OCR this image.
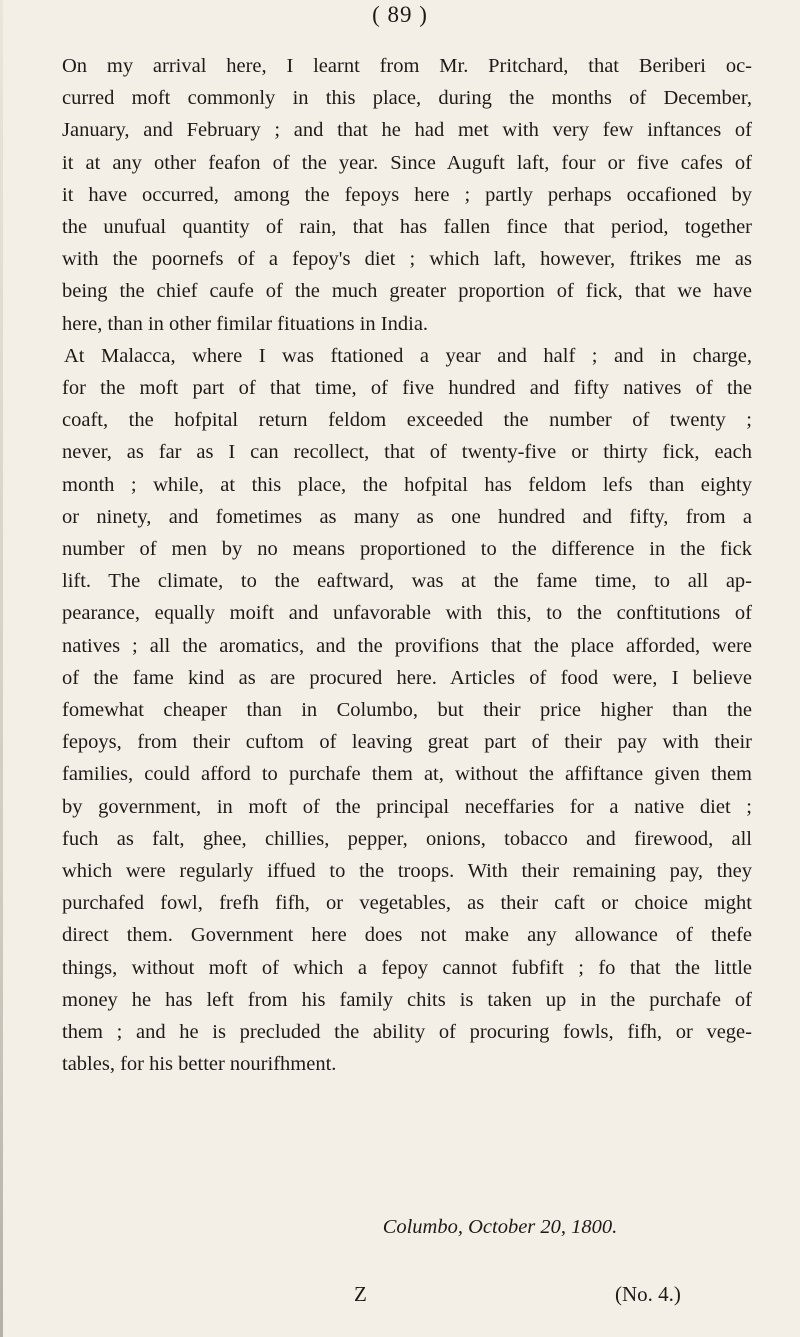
( 89 )
On my arrival here, I learnt from Mr. Pritchard, that Beriberi oc-
curred moft commonly in this place, during the months of December,
January, and February ; and that he had met with very few inftances of
it at any other feafon of the year. Since Auguft laft, four or five cafes of
it have occurred, among the fepoys here ; partly perhaps occafioned by
the unufual quantity of rain, that has fallen fince that period, together
with the poornefs of a fepoy's diet ; which laft, however, ftrikes me as
being the chief caufe of the much greater proportion of fick, that we have
here, than in other fimilar fituations in India.
At Malacca, where I was ftationed a year and half ; and in charge,
for the moft part of that time, of five hundred and fifty natives of the
coaft, the hofpital return feldom exceeded the number of twenty ;
never, as far as I can recollect, that of twenty-five or thirty fick, each
month ; while, at this place, the hofpital has feldom lefs than eighty
or ninety, and fometimes as many as one hundred and fifty, from a
number of men by no means proportioned to the difference in the fick
lift. The climate, to the eaftward, was at the fame time, to all ap-
pearance, equally moift and unfavorable with this, to the conftitutions of
natives ; all the aromatics, and the provifions that the place afforded, were
of the fame kind as are procured here. Articles of food were, I believe
fomewhat cheaper than in Columbo, but their price higher than the
fepoys, from their cuftom of leaving great part of their pay with their
families, could afford to purchafe them at, without the affiftance given them
by government, in moft of the principal neceffaries for a native diet ;
fuch as falt, ghee, chillies, pepper, onions, tobacco and firewood, all
which were regularly iffued to the troops. With their remaining pay, they
purchafed fowl, frefh fifh, or vegetables, as their caft or choice might
direct them. Government here does not make any allowance of thefe
things, without moft of which a fepoy cannot fubfift ; fo that the little
money he has left from his family chits is taken up in the purchafe of
them ; and he is precluded the ability of procuring fowls, fifh, or vege-
tables, for his better nourifhment.
Columbo, October 20, 1800.
Z	(No. 4.)
